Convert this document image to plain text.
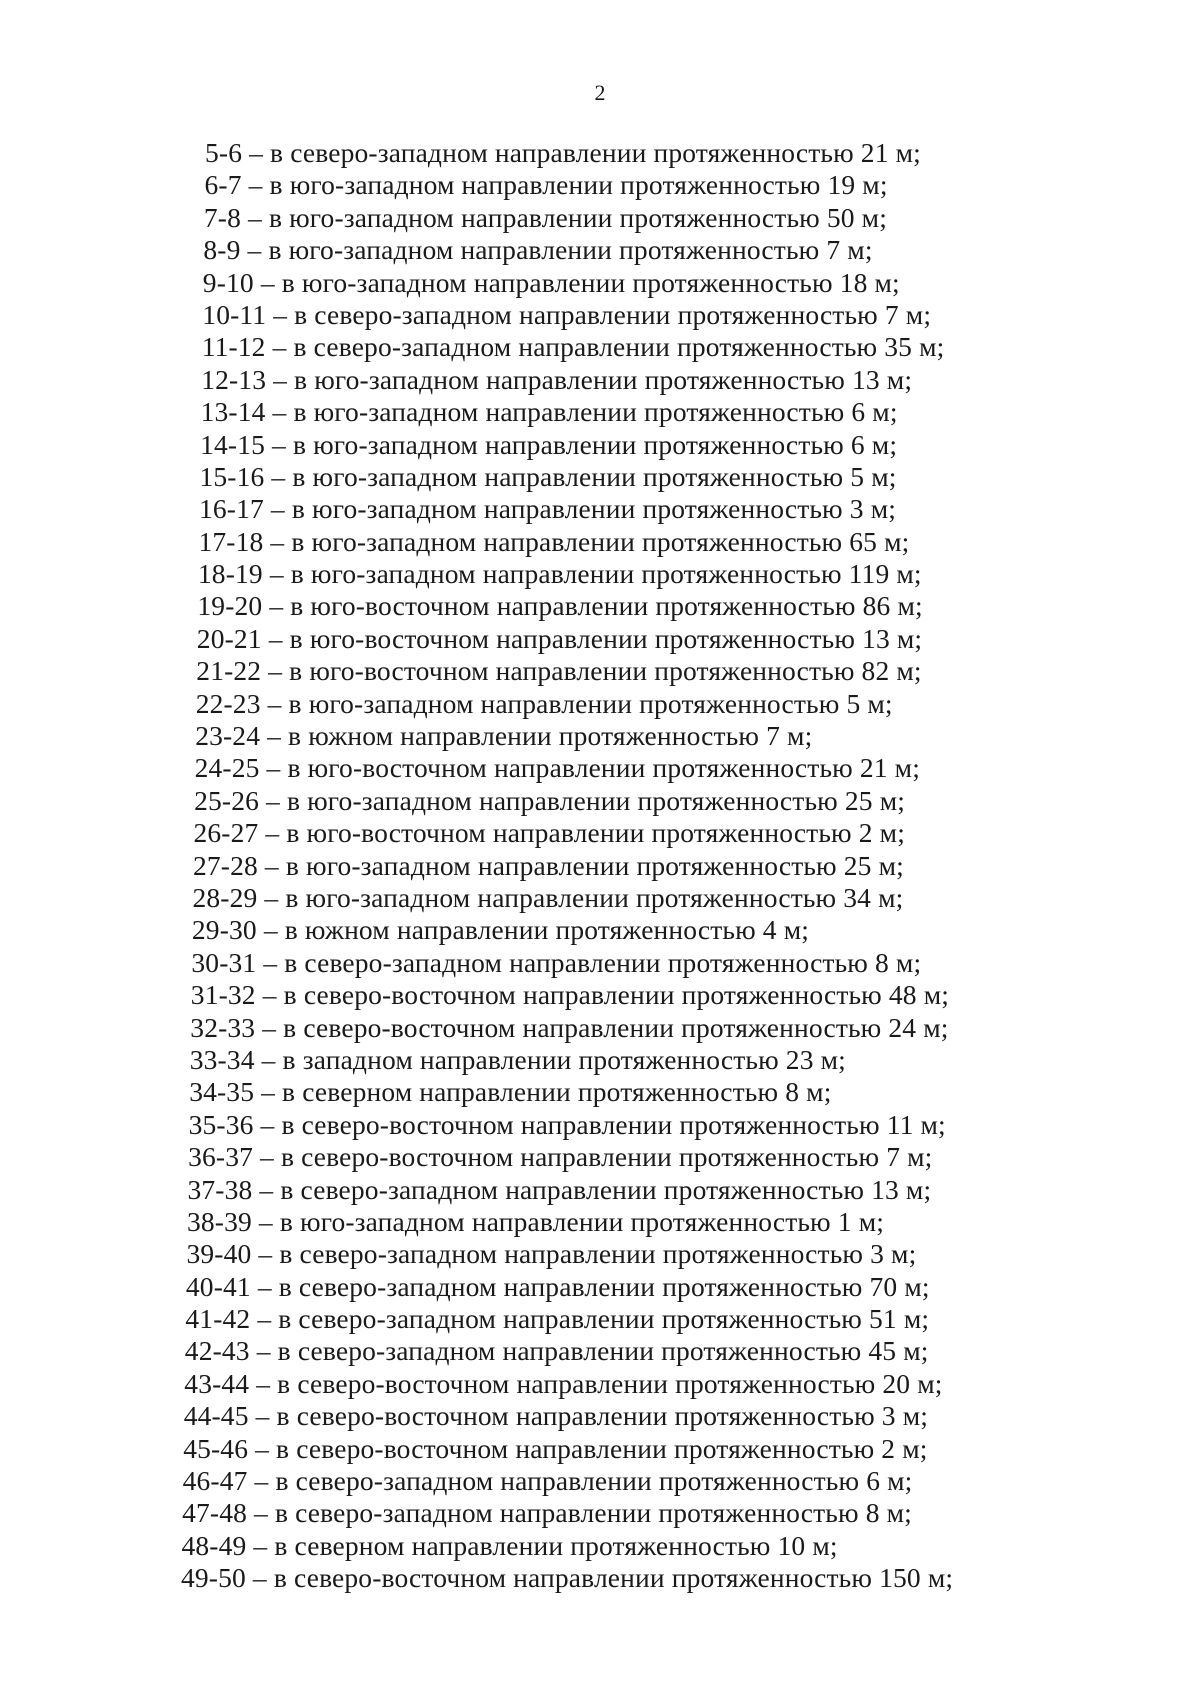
2
5-6 – в северо-западном направлении протяженностью 21 м;
6-7 – в юго-западном направлении протяженностью 19 м;
7-8 – в юго-западном направлении протяженностью 50 м;
8-9 – в юго-западном направлении протяженностью 7 м;
9-10 – в юго-западном направлении протяженностью 18 м;
10-11 – в северо-западном направлении протяженностью 7 м;
11-12 – в северо-западном направлении протяженностью 35 м;
12-13 – в юго-западном направлении протяженностью 13 м;
13-14 – в юго-западном направлении протяженностью 6 м;
14-15 – в юго-западном направлении протяженностью 6 м;
15-16 – в юго-западном направлении протяженностью 5 м;
16-17 – в юго-западном направлении протяженностью 3 м;
17-18 – в юго-западном направлении протяженностью 65 м;
18-19 – в юго-западном направлении протяженностью 119 м;
19-20 – в юго-восточном направлении протяженностью 86 м;
20-21 – в юго-восточном направлении протяженностью 13 м;
21-22 – в юго-восточном направлении протяженностью 82 м;
22-23 – в юго-западном направлении протяженностью 5 м;
23-24 – в южном направлении протяженностью 7 м;
24-25 – в юго-восточном направлении протяженностью 21 м;
25-26 – в юго-западном направлении протяженностью 25 м;
26-27 – в юго-восточном направлении протяженностью 2 м;
27-28 – в юго-западном направлении протяженностью 25 м;
28-29 – в юго-западном направлении протяженностью 34 м;
29-30 – в южном направлении протяженностью 4 м;
30-31 – в северо-западном направлении протяженностью 8 м;
31-32 – в северо-восточном направлении протяженностью 48 м;
32-33 – в северо-восточном направлении протяженностью 24 м;
33-34 – в западном направлении протяженностью 23 м;
34-35 – в северном направлении протяженностью 8 м;
35-36 – в северо-восточном направлении протяженностью 11 м;
36-37 – в северо-восточном направлении протяженностью 7 м;
37-38 – в северо-западном направлении протяженностью 13 м;
38-39 – в юго-западном направлении протяженностью 1 м;
39-40 – в северо-западном направлении протяженностью 3 м;
40-41 – в северо-западном направлении протяженностью 70 м;
41-42 – в северо-западном направлении протяженностью 51 м;
42-43 – в северо-западном направлении протяженностью 45 м;
43-44 – в северо-восточном направлении протяженностью 20 м;
44-45 – в северо-восточном направлении протяженностью 3 м;
45-46 – в северо-восточном направлении протяженностью 2 м;
46-47 – в северо-западном направлении протяженностью 6 м;
47-48 – в северо-западном направлении протяженностью 8 м;
48-49 – в северном направлении протяженностью 10 м;
49-50 – в северо-восточном направлении протяженностью 150 м;
